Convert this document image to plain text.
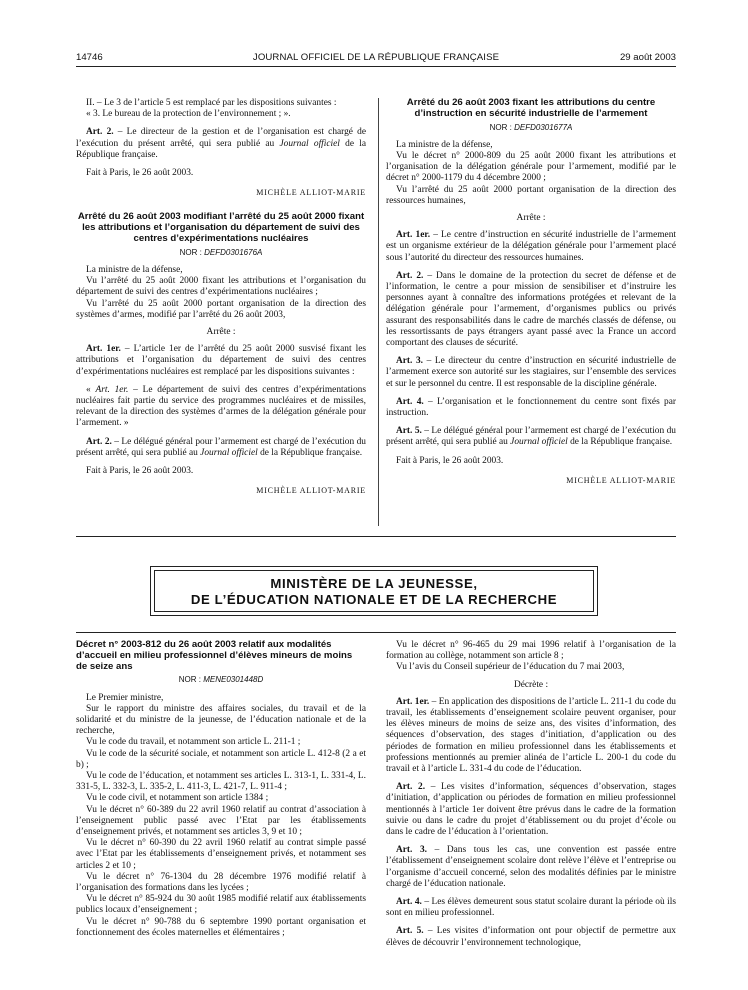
14746	JOURNAL OFFICIEL DE LA RÉPUBLIQUE FRANÇAISE	29 août 2003

II. – Le 3 de l’article 5 est remplacé par les dispositions suivantes :

« 3. Le bureau de la protection de l’environnement ; ».

Art. 2. – Le directeur de la gestion et de l’organisation est chargé de l’exécution du présent arrêté, qui sera publié au Journal officiel de la République française.

Fait à Paris, le 26 août 2003.

MICHÈLE ALLIOT-MARIE

Arrêté du 26 août 2003 modifiant l’arrêté du 25 août 2000 fixant les attributions et l’organisation du département de suivi des centres d’expérimentations nucléaires

NOR : DEFD0301676A

La ministre de la défense,

Vu l’arrêté du 25 août 2000 fixant les attributions et l’organisation du département de suivi des centres d’expérimentations nucléaires ;

Vu l’arrêté du 25 août 2000 portant organisation de la direction des systèmes d’armes, modifié par l’arrêté du 26 août 2003,

Arrête :

Art. 1er. – L’article 1er de l’arrêté du 25 août 2000 susvisé fixant les attributions et l’organisation du département de suivi des centres d’expérimentations nucléaires est remplacé par les dispositions suivantes :

« Art. 1er. – Le département de suivi des centres d’expérimentations nucléaires fait partie du service des programmes nucléaires et de missiles, relevant de la direction des systèmes d’armes de la délégation générale pour l’armement. »

Art. 2. – Le délégué général pour l’armement est chargé de l’exécution du présent arrêté, qui sera publié au Journal officiel de la République française.

Fait à Paris, le 26 août 2003.

MICHÈLE ALLIOT-MARIE

Arrêté du 26 août 2003 fixant les attributions du centre d’instruction en sécurité industrielle de l’armement

NOR : DEFD0301677A

La ministre de la défense,

Vu le décret n° 2000-809 du 25 août 2000 fixant les attributions et l’organisation de la délégation générale pour l’armement, modifié par le décret n° 2000-1179 du 4 décembre 2000 ;

Vu l’arrêté du 25 août 2000 portant organisation de la direction des ressources humaines,

Arrête :

Art. 1er. – Le centre d’instruction en sécurité industrielle de l’armement est un organisme extérieur de la délégation générale pour l’armement placé sous l’autorité du directeur des ressources humaines.

Art. 2. – Dans le domaine de la protection du secret de défense et de l’information, le centre a pour mission de sensibiliser et d’instruire les personnes ayant à connaître des informations protégées et relevant de la délégation générale pour l’armement, d’organismes publics ou privés assurant des responsabilités dans le cadre de marchés classés de défense, ou les ressortissants de pays étrangers ayant passé avec la France un accord comportant des clauses de sécurité.

Art. 3. – Le directeur du centre d’instruction en sécurité industrielle de l’armement exerce son autorité sur les stagiaires, sur l’ensemble des services et sur le personnel du centre. Il est responsable de la discipline générale.

Art. 4. – L’organisation et le fonctionnement du centre sont fixés par instruction.

Art. 5. – Le délégué général pour l’armement est chargé de l’exécution du présent arrêté, qui sera publié au Journal officiel de la République française.

Fait à Paris, le 26 août 2003.

MICHÈLE ALLIOT-MARIE

MINISTÈRE DE LA JEUNESSE,
DE L’ÉDUCATION NATIONALE ET DE LA RECHERCHE

Décret n° 2003-812 du 26 août 2003 relatif aux modalités d’accueil en milieu professionnel d’élèves mineurs de moins de seize ans

NOR : MENE0301448D

Le Premier ministre,

Sur le rapport du ministre des affaires sociales, du travail et de la solidarité et du ministre de la jeunesse, de l’éducation nationale et de la recherche,

Vu le code du travail, et notamment son article L. 211-1 ;

Vu le code de la sécurité sociale, et notamment son article L. 412-8 (2 a et b) ;

Vu le code de l’éducation, et notamment ses articles L. 313-1, L. 331-4, L. 331-5, L. 332-3, L. 335-2, L. 411-3, L. 421-7, L. 911-4 ;

Vu le code civil, et notamment son article 1384 ;

Vu le décret n° 60-389 du 22 avril 1960 relatif au contrat d’association à l’enseignement public passé avec l’Etat par les établissements d’enseignement privés, et notamment ses articles 3, 9 et 10 ;

Vu le décret n° 60-390 du 22 avril 1960 relatif au contrat simple passé avec l’Etat par les établissements d’enseignement privés, et notamment ses articles 2 et 10 ;

Vu le décret n° 76-1304 du 28 décembre 1976 modifié relatif à l’organisation des formations dans les lycées ;

Vu le décret n° 85-924 du 30 août 1985 modifié relatif aux établissements publics locaux d’enseignement ;

Vu le décret n° 90-788 du 6 septembre 1990 portant organisation et fonctionnement des écoles maternelles et élémentaires ;

Vu le décret n° 96-465 du 29 mai 1996 relatif à l’organisation de la formation au collège, notamment son article 8 ;

Vu l’avis du Conseil supérieur de l’éducation du 7 mai 2003,

Décrète :

Art. 1er. – En application des dispositions de l’article L. 211-1 du code du travail, les établissements d’enseignement scolaire peuvent organiser, pour les élèves mineurs de moins de seize ans, des visites d’information, des séquences d’observation, des stages d’initiation, d’application ou des périodes de formation en milieu professionnel dans les établissements et professions mentionnés au premier alinéa de l’article L. 200-1 du code du travail et à l’article L. 331-4 du code de l’éducation.

Art. 2. – Les visites d’information, séquences d’observation, stages d’initiation, d’application ou périodes de formation en milieu professionnel mentionnés à l’article 1er doivent être prévus dans le cadre de la formation suivie ou dans le cadre du projet d’établissement ou du projet d’école ou dans le cadre de l’éducation à l’orientation.

Art. 3. – Dans tous les cas, une convention est passée entre l’établissement d’enseignement scolaire dont relève l’élève et l’entreprise ou l’organisme d’accueil concerné, selon des modalités définies par le ministre chargé de l’éducation nationale.

Art. 4. – Les élèves demeurent sous statut scolaire durant la période où ils sont en milieu professionnel.

Art. 5. – Les visites d’information ont pour objectif de permettre aux élèves de découvrir l’environnement technologique,
